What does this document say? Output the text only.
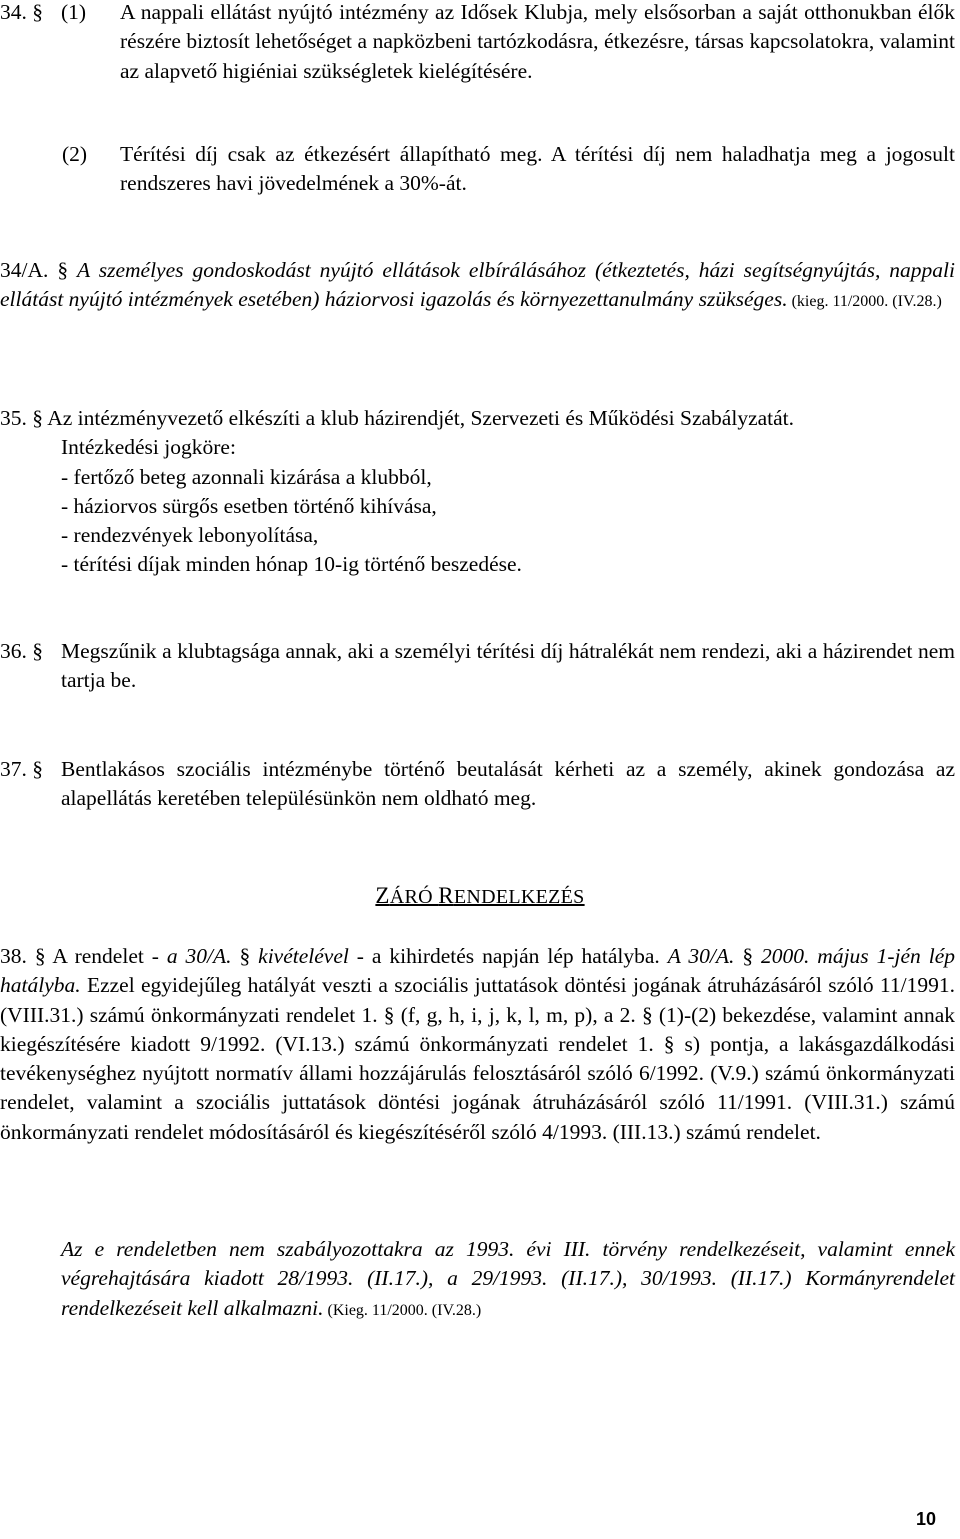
34. § (1)	A nappali ellátást nyújtó intézmény az Idősek Klubja, mely elsősorban a saját otthonukban élők részére biztosít lehetőséget a napközbeni tartózkodásra, étkezésre, társas kapcsolatokra, valamint az alapvető higiéniai szükségletek kielégítésére.
(2)	Térítési díj csak az étkezésért állapítható meg. A térítési díj nem haladhatja meg a jogosult rendszeres havi jövedelmének a 30%-át.
34/A. § A személyes gondoskodást nyújtó ellátások elbírálásához (étkeztetés, házi segítségnyújtás, nappali ellátást nyújtó intézmények esetében) háziorvosi igazolás és környezettanulmány szükséges. (kieg. 11/2000. (IV.28.)
35. § Az intézményvezető elkészíti a klub házirendjét, Szervezeti és Működési Szabályzatát.
Intézkedési jogköre:
- fertőző beteg azonnali kizárása a klubból,
- háziorvos sürgős esetben történő kihívása,
- rendezvények lebonyolítása,
- térítési díjak minden hónap 10-ig történő beszedése.
36. § Megszűnik a klubtagsága annak, aki a személyi térítési díj hátralékát nem rendezi, aki a házirendet nem tartja be.
37. § Bentlakásos szociális intézménybe történő beutalását kérheti az a személy, akinek gondozása az alapellátás keretében településünkön nem oldható meg.
ZÁRÓ RENDELKEZÉS
38. § A rendelet - a 30/A. § kivételével - a kihirdetés napján lép hatályba. A 30/A. § 2000. május 1-jén lép hatályba. Ezzel egyidejűleg hatályát veszti a szociális juttatások döntési jogának átruházásáról szóló 11/1991. (VIII.31.) számú önkormányzati rendelet 1. § (f, g, h, i, j, k, l, m, p), a 2. § (1)-(2) bekezdése, valamint annak kiegészítésére kiadott 9/1992. (VI.13.) számú önkormányzati rendelet 1. § s) pontja, a lakásgazdálkodási tevékenységhez nyújtott normatív állami hozzájárulás felosztásáról szóló 6/1992. (V.9.) számú önkormányzati rendelet, valamint a szociális juttatások döntési jogának átruházásáról szóló 11/1991. (VIII.31.) számú önkormányzati rendelet módosításáról és kiegészítéséről szóló 4/1993. (III.13.) számú rendelet.
Az e rendeletben nem szabályozottakra az 1993. évi III. törvény rendelkezéseit, valamint ennek végrehajtására kiadott 28/1993. (II.17.), a 29/1993. (II.17.), 30/1993. (II.17.) Kormányrendelet rendelkezéseit kell alkalmazni. (Kieg. 11/2000. (IV.28.)
10
